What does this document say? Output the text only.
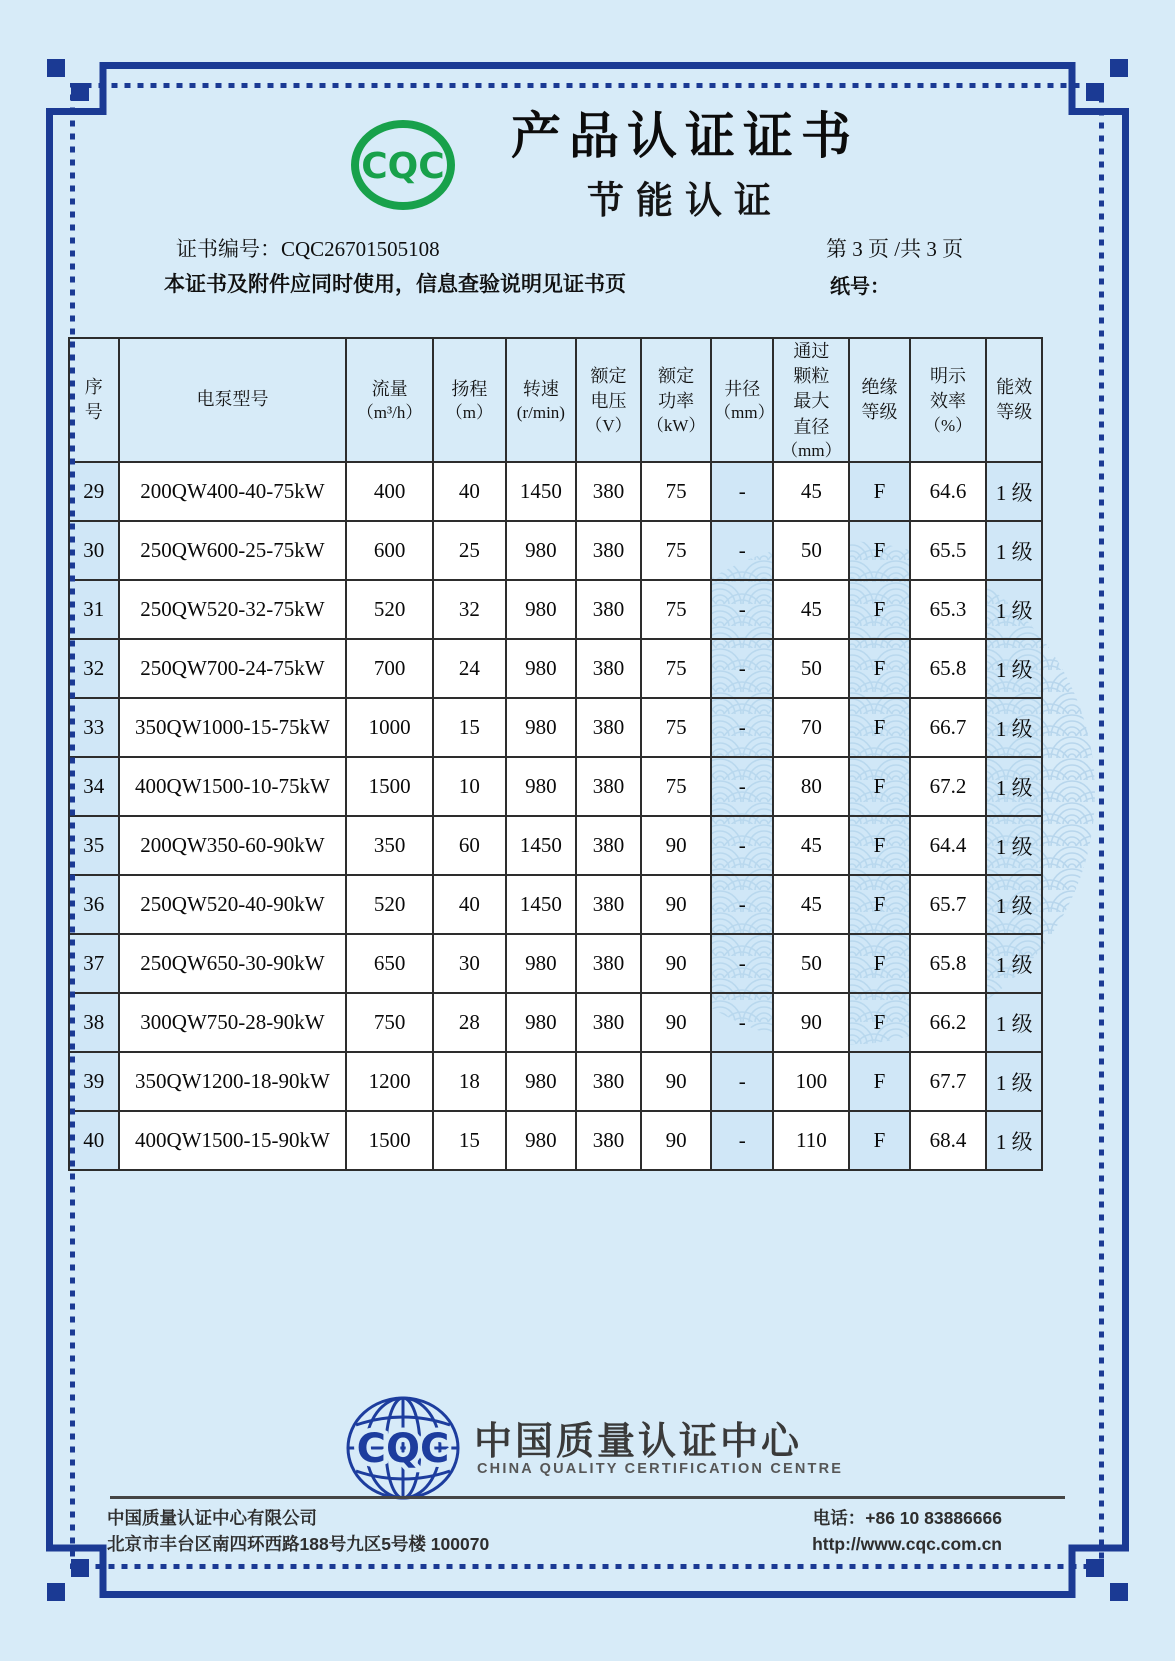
CQC
产品认证证书
节能认证
证书编号：CQC26701505108	第 3 页 /共 3 页
本证书及附件应同时使用，信息查验说明见证书页	纸号：
序号	电泵型号	流量
（m³/h）
	扬程
（m）
	转速
(r/min)
	额定电压
（V）
	额定功率
（kW）
	井径
（mm）
	通过颗粒最大直径
（mm）
	绝缘等级	明示效率
（%）
	能效等级
29	200QW400-40-75kW	400	40	1450	380	75	-	45	F	64.6	1 级
30	250QW600-25-75kW	600	25	980	380	75	-	50	F	65.5	1 级
31	250QW520-32-75kW	520	32	980	380	75	-	45	F	65.3	1 级
32	250QW700-24-75kW	700	24	980	380	75	-	50	F	65.8	1 级
33	350QW1000-15-75kW	1000	15	980	380	75	-	70	F	66.7	1 级
34	400QW1500-10-75kW	1500	10	980	380	75	-	80	F	67.2	1 级
35	200QW350-60-90kW	350	60	1450	380	90	-	45	F	64.4	1 级
36	250QW520-40-90kW	520	40	1450	380	90	-	45	F	65.7	1 级
37	250QW650-30-90kW	650	30	980	380	90	-	50	F	65.8	1 级
38	300QW750-28-90kW	750	28	980	380	90	-	90	F	66.2	1 级
39	350QW1200-18-90kW	1200	18	980	380	90	-	100	F	67.7	1 级
40	400QW1500-15-90kW	1500	15	980	380	90	-	110	F	68.4	1 级
CQC 中国质量认证中心
CHINA QUALITY CERTIFICATION CENTRE
中国质量认证中心有限公司
北京市丰台区南四环西路188号九区5号楼 100070
电话：+86 10 83886666
http://www.cqc.com.cn
